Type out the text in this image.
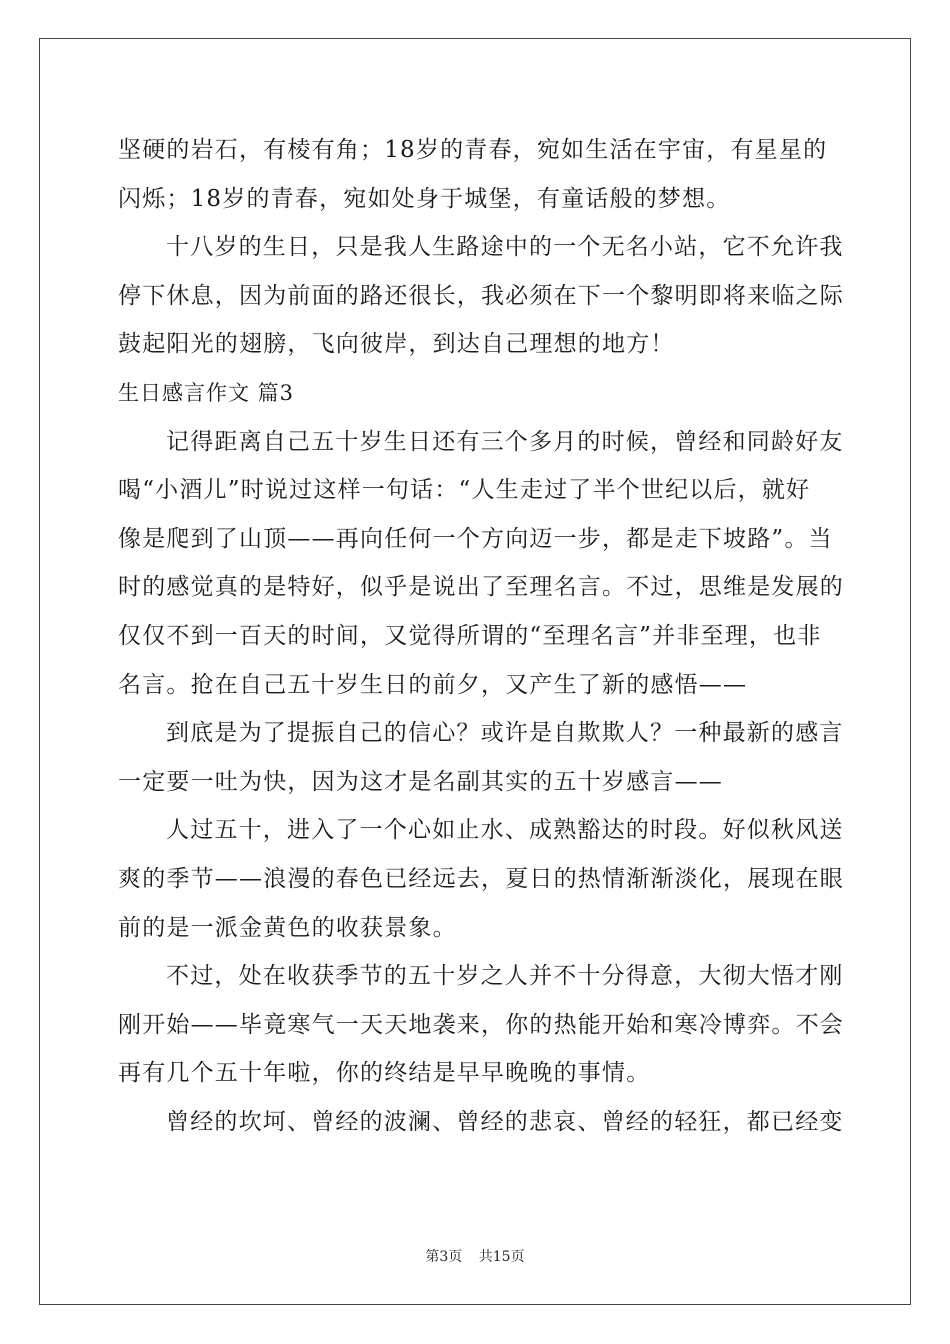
坚硬的岩石，有棱有角；18岁的青春，宛如生活在宇宙，有星星的
闪烁；18岁的青春，宛如处身于城堡，有童话般的梦想。
十八岁的生日，只是我人生路途中的一个无名小站，它不允许我
停下休息，因为前面的路还很长，我必须在下一个黎明即将来临之际
鼓起阳光的翅膀，飞向彼岸，到达自己理想的地方！
生日感言作文 篇3
记得距离自己五十岁生日还有三个多月的时候，曾经和同龄好友
喝“小酒儿”时说过这样一句话：“人生走过了半个世纪以后，就好
像是爬到了山顶——再向任何一个方向迈一步，都是走下坡路”。当
时的感觉真的是特好，似乎是说出了至理名言。不过，思维是发展的
仅仅不到一百天的时间，又觉得所谓的“至理名言”并非至理，也非
名言。抢在自己五十岁生日的前夕，又产生了新的感悟——
到底是为了提振自己的信心？或许是自欺欺人？一种最新的感言
一定要一吐为快，因为这才是名副其实的五十岁感言——
人过五十，进入了一个心如止水、成熟豁达的时段。好似秋风送
爽的季节——浪漫的春色已经远去，夏日的热情渐渐淡化，展现在眼
前的是一派金黄色的收获景象。
不过，处在收获季节的五十岁之人并不十分得意，大彻大悟才刚
刚开始——毕竟寒气一天天地袭来，你的热能开始和寒冷博弈。不会
再有几个五十年啦，你的终结是早早晚晚的事情。
曾经的坎坷、曾经的波澜、曾经的悲哀、曾经的轻狂，都已经变
第3页 共15页
